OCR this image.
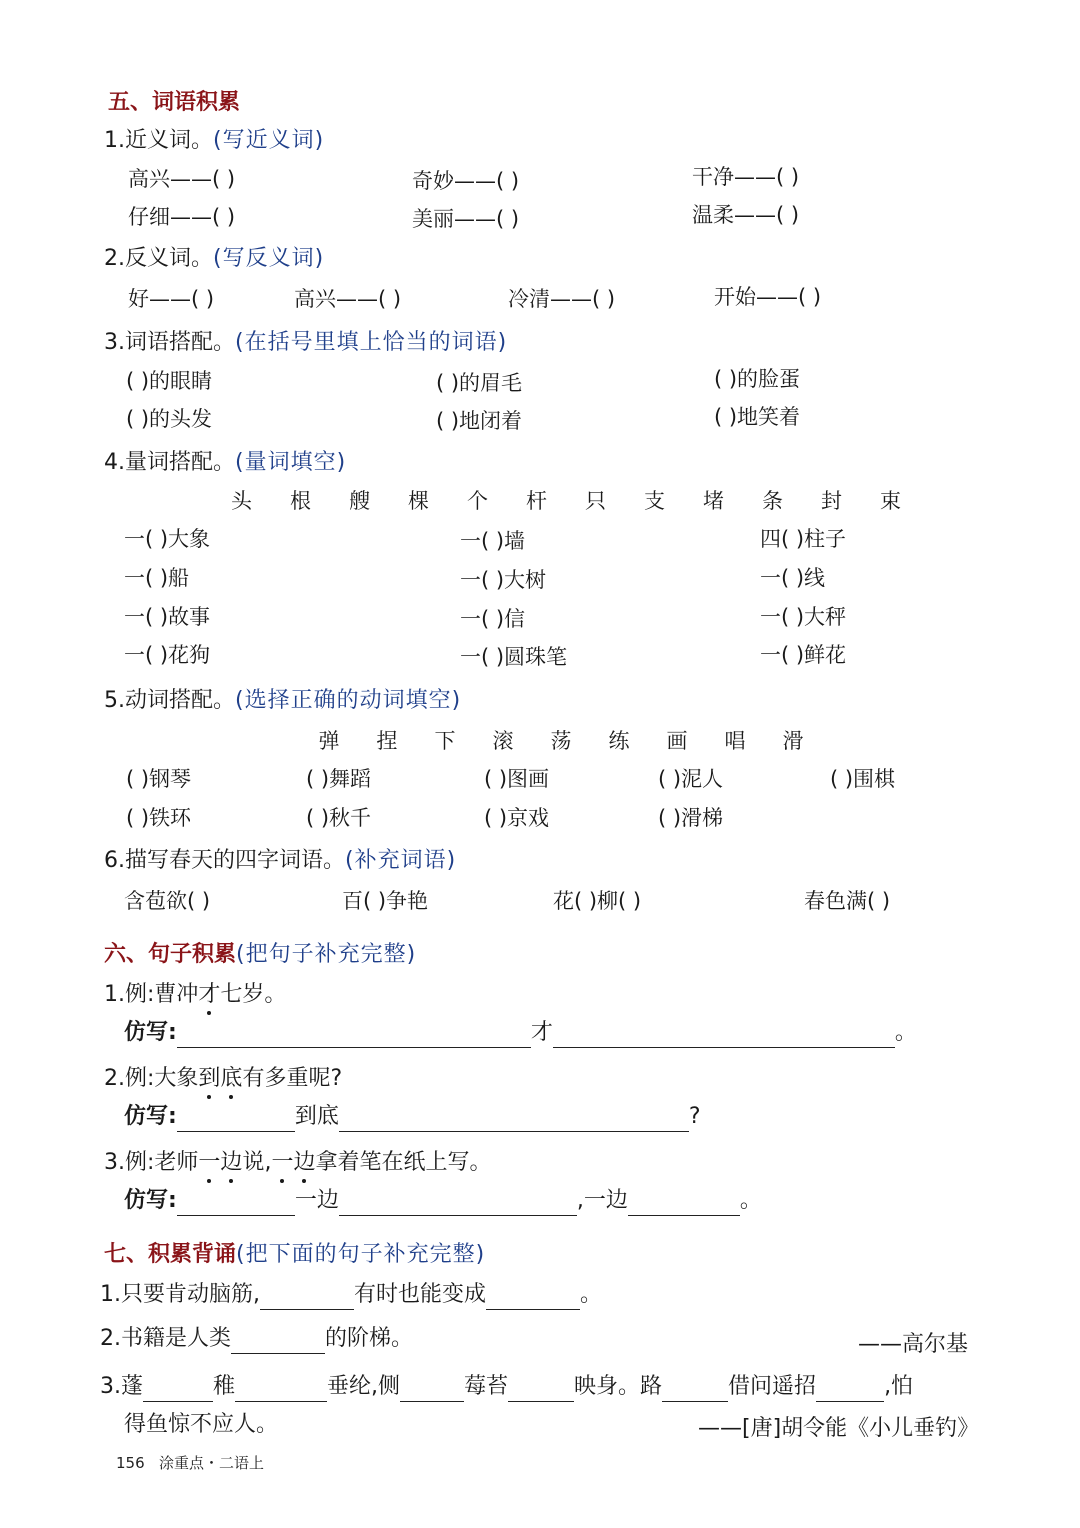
五、词语积累
1.近义词。(写近义词)
高兴——( )	奇妙——( )	干净——( )
仔细——( )	美丽——( )	温柔——( )
2.反义词。(写反义词)
好——( )	高兴——( )	冷清——( )	开始——( )
3.词语搭配。(在括号里填上恰当的词语)
( )的眼睛	( )的眉毛	( )的脸蛋
( )的头发	( )地闭着	( )地笑着
4.量词搭配。(量词填空)
头 根 艘 棵 个 杆 只 支 堵 条 封 束
一( )大象	一( )墙	四( )柱子
一( )船	一( )大树	一( )线
一( )故事	一( )信	一( )大秤
一( )花狗	一( )圆珠笔	一( )鲜花
5.动词搭配。(选择正确的动词填空)
弹 捏 下 滚 荡 练 画 唱 滑
( )钢琴	( )舞蹈	( )图画	( )泥人	( )围棋
( )铁环	( )秋千	( )京戏	( )滑梯
6.描写春天的四字词语。(补充词语)
含苞欲( )	百( )争艳	花( )柳( )	春色满( )
六、句子积累(把句子补充完整)
1.例:曹冲才七岁。
仿写:	才	。
2.例:大象到底有多重呢?
仿写:	到底	?
3.例:老师一边说,一边拿着笔在纸上写。
仿写:	一边	,一边	。
七、积累背诵(把下面的句子补充完整)
1.只要肯动脑筋,	有时也能变成	。
2.书籍是人类	的阶梯。	——高尔基
3.蓬	稚	垂纶,侧	莓苔	映身。路	借问遥招	,怕
得鱼惊不应人。	——[唐]胡令能《小儿垂钓》
156 涂重点・二语上
